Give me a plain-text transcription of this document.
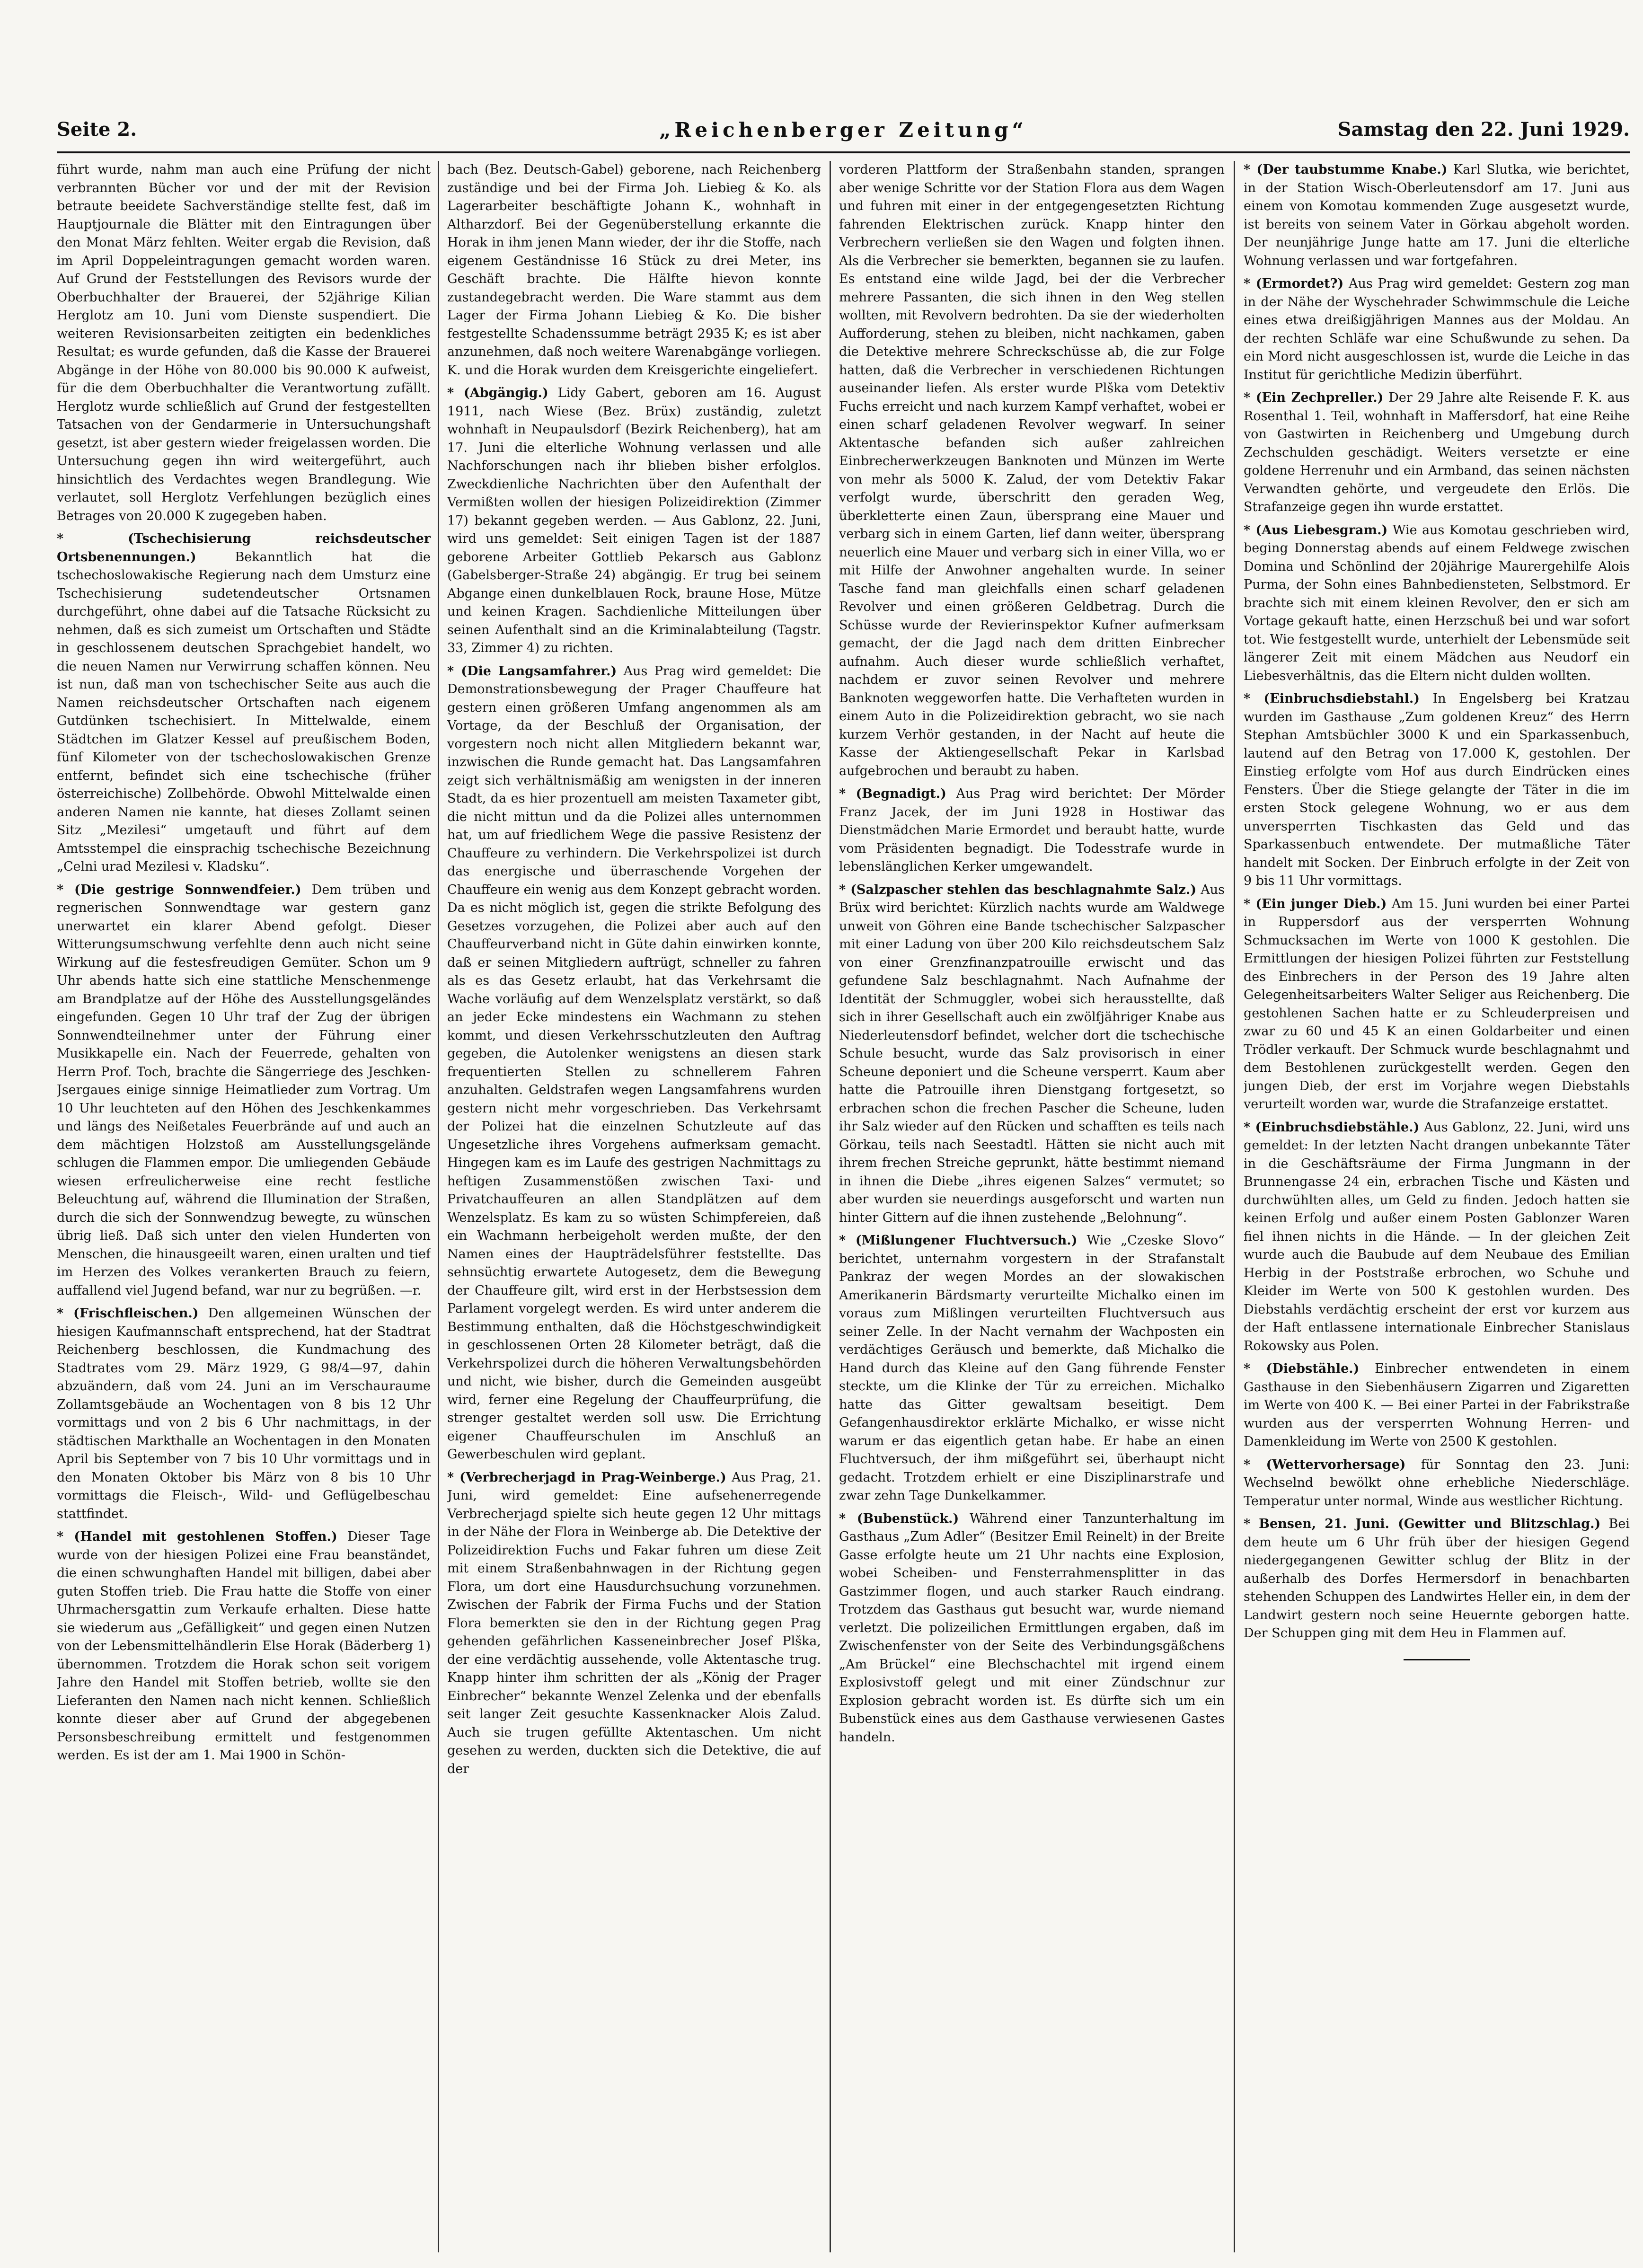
Seite 2.	„Reichenberger Zeitung“	Samstag den 22. Juni 1929.

führt wurde, nahm man auch eine Prüfung der nicht verbrannten Bücher vor und der mit der Revision betraute beeidete Sachverständige stellte fest, daß im Hauptjournale die Blätter mit den Eintragungen über den Monat März fehlten. Weiter ergab die Revision, daß im April Doppeleintragungen gemacht worden waren. Auf Grund der Feststellungen des Revisors wurde der Oberbuchhalter der Brauerei, der 52jährige Kilian Herglotz am 10. Juni vom Dienste suspendiert. Die weiteren Revisionsarbeiten zeitigten ein bedenkliches Resultat; es wurde gefunden, daß die Kasse der Brauerei Abgänge in der Höhe von 80.000 bis 90.000 K aufweist, für die dem Oberbuchhalter die Verantwortung zufällt. Herglotz wurde schließlich auf Grund der festgestellten Tatsachen von der Gendarmerie in Untersuchungshaft gesetzt, ist aber gestern wieder freigelassen worden. Die Untersuchung gegen ihn wird weitergeführt, auch hinsichtlich des Verdachtes wegen Brandlegung. Wie verlautet, soll Herglotz Verfehlungen bezüglich eines Betrages von 20.000 K zugegeben haben.

* (Tschechisierung reichsdeutscher Ortsbenennungen.)	Bekanntlich hat die tschechoslowakische Regierung nach dem Umsturz eine Tschechisierung sudetendeutscher Ortsnamen durchgeführt, ohne dabei auf die Tatsache Rücksicht zu nehmen, daß es sich zumeist um Ortschaften und Städte in geschlossenem deutschen Sprachgebiet handelt, wo die neuen Namen nur Verwirrung schaffen können. Neu ist nun, daß man von tschechischer Seite aus auch die Namen reichsdeutscher Ortschaften nach eigenem Gutdünken tschechisiert. In Mittelwalde, einem Städtchen im Glatzer Kessel auf preußischem Boden, fünf Kilometer von der tschechoslowakischen Grenze entfernt, befindet sich eine tschechische (früher österreichische) Zollbehörde. Obwohl Mittelwalde einen anderen Namen nie kannte, hat dieses Zollamt seinen Sitz „Mezilesi“ umgetauft und führt auf dem Amtsstempel die einsprachig tschechische Bezeichnung „Celni urad Mezilesi v. Kladsku“.

* (Die gestrige Sonnwendfeier.) Dem trüben und regnerischen Sonnwendtage war gestern ganz unerwartet ein klarer Abend gefolgt. Dieser Witterungsumschwung verfehlte denn auch nicht seine Wirkung auf die festesfreudigen Gemüter. Schon um 9 Uhr abends hatte sich eine stattliche Menschenmenge am Brandplatze auf der Höhe des Ausstellungsgeländes eingefunden. Gegen 10 Uhr traf der Zug der übrigen Sonnwendteilnehmer unter der Führung einer Musikkapelle ein. Nach der Feuerrede, gehalten von Herrn Prof. Toch, brachte die Sängerriege des Jeschken-Jsergaues einige sinnige Heimatlieder zum Vortrag. Um 10 Uhr leuchteten auf den Höhen des Jeschkenkammes und längs des Neißetales Feuerbrände auf und auch an dem mächtigen Holzstoß am Ausstellungsgelände schlugen die Flammen empor. Die umliegenden Gebäude wiesen erfreulicherweise eine recht festliche Beleuchtung auf, während die Illumination der Straßen, durch die sich der Sonnwendzug bewegte, zu wünschen übrig ließ. Daß sich unter den vielen Hunderten von Menschen, die hinausgeeilt waren, einen uralten und tief im Herzen des Volkes verankerten Brauch zu feiern, auffallend viel Jugend befand, war nur zu begrüßen. —r.

* (Frischfleischen.) Den allgemeinen Wünschen der hiesigen Kaufmannschaft entsprechend, hat der Stadtrat Reichenberg beschlossen, die Kundmachung des Stadtrates vom 29. März 1929, G 98/4—97, dahin abzuändern, daß vom 24. Juni an im Verschauraume Zollamtsgebäude an Wochentagen von 8 bis 12 Uhr vormittags und von 2 bis 6 Uhr nachmittags, in der städtischen Markthalle an Wochentagen in den Monaten April bis September von 7 bis 10 Uhr vormittags und in den Monaten Oktober bis März von 8 bis 10 Uhr vormittags die Fleisch-, Wild- und Geflügelbeschau stattfindet.

* (Handel mit gestohlenen Stoffen.) Dieser Tage wurde von der hiesigen Polizei eine Frau beanständet, die einen schwunghaften Handel mit billigen, dabei aber guten Stoffen trieb. Die Frau hatte die Stoffe von einer Uhrmachersgattin zum Verkaufe erhalten. Diese hatte sie wiederum aus „Gefälligkeit“ und gegen einen Nutzen von der Lebensmittelhändlerin Else Horak (Bäderberg 1) übernommen. Trotzdem die Horak schon seit vorigem Jahre den Handel mit Stoffen betrieb, wollte sie den Lieferanten den Namen nach nicht kennen. Schließlich konnte dieser aber auf Grund der abgegebenen Personsbeschreibung ermittelt und festgenommen werden. Es ist der am 1. Mai 1900 in Schön-

bach (Bez. Deutsch-Gabel) geborene, nach Reichenberg zuständige und bei der Firma Joh. Liebieg & Ko. als Lagerarbeiter beschäftigte Johann K., wohnhaft in Altharzdorf. Bei der Gegenüberstellung erkannte die Horak in ihm jenen Mann wieder, der ihr die Stoffe, nach eigenem Geständnisse 16 Stück zu drei Meter, ins Geschäft brachte. Die Hälfte hievon konnte zustandegebracht werden. Die Ware stammt aus dem Lager der Firma Johann Liebieg & Ko. Die bisher festgestellte Schadenssumme beträgt 2935 K; es ist aber anzunehmen, daß noch weitere Warenabgänge vorliegen. K. und die Horak wurden dem Kreisgerichte eingeliefert.

* (Abgängig.) Lidy Gabert, geboren am 16. August 1911, nach Wiese (Bez. Brüx) zuständig, zuletzt wohnhaft in Neupaulsdorf (Bezirk Reichenberg), hat am 17. Juni die elterliche Wohnung verlassen und alle Nachforschungen nach ihr blieben bisher erfolglos. Zweckdienliche Nachrichten über den Aufenthalt der Vermißten wollen der hiesigen Polizeidirektion (Zimmer 17) bekannt gegeben werden. — Aus Gablonz, 22. Juni, wird uns gemeldet: Seit einigen Tagen ist der 1887 geborene Arbeiter Gottlieb Pekarsch aus Gablonz (Gabelsberger-Straße 24) abgängig. Er trug bei seinem Abgange einen dunkelblauen Rock, braune Hose, Mütze und keinen Kragen. Sachdienliche Mitteilungen über seinen Aufenthalt sind an die Kriminalabteilung (Tagstr. 33, Zimmer 4) zu richten.

* (Die Langsamfahrer.) Aus Prag wird gemeldet: Die Demonstrationsbewegung der Prager Chauffeure hat gestern einen größeren Umfang angenommen als am Vortage, da der Beschluß der Organisation, der vorgestern noch nicht allen Mitgliedern bekannt war, inzwischen die Runde gemacht hat. Das Langsamfahren zeigt sich verhältnismäßig am wenigsten in der inneren Stadt, da es hier prozentuell am meisten Taxameter gibt, die nicht mittun und da die Polizei alles unternommen hat, um auf friedlichem Wege die passive Resistenz der Chauffeure zu verhindern. Die Verkehrspolizei ist durch das energische und überraschende Vorgehen der Chauffeure ein wenig aus dem Konzept gebracht worden. Da es nicht möglich ist, gegen die strikte Befolgung des Gesetzes vorzugehen, die Polizei aber auch auf den Chauffeurverband nicht in Güte dahin einwirken konnte, daß er seinen Mitgliedern auftrügt, schneller zu fahren als es das Gesetz erlaubt, hat das Verkehrsamt die Wache vorläufig auf dem Wenzelsplatz verstärkt, so daß an jeder Ecke mindestens ein Wachmann zu stehen kommt, und diesen Verkehrsschutzleuten den Auftrag gegeben, die Autolenker wenigstens an diesen stark frequentierten Stellen zu schnellerem Fahren anzuhalten. Geldstrafen wegen Langsamfahrens wurden gestern nicht mehr vorgeschrieben. Das Verkehrsamt der Polizei hat die einzelnen Schutzleute auf das Ungesetzliche ihres Vorgehens aufmerksam gemacht. Hingegen kam es im Laufe des gestrigen Nachmittags zu heftigen Zusammenstößen zwischen Taxi- und Privatchauffeuren an allen Standplätzen auf dem Wenzelsplatz. Es kam zu so wüsten Schimpfereien, daß ein Wachmann herbeigeholt werden mußte, der den Namen eines der Haupträdelsführer feststellte. Das sehnsüchtig erwartete Autogesetz, dem die Bewegung der Chauffeure gilt, wird erst in der Herbstsession dem Parlament vorgelegt werden. Es wird unter anderem die Bestimmung enthalten, daß die Höchstgeschwindigkeit in geschlossenen Orten 28 Kilometer beträgt, daß die Verkehrspolizei durch die höheren Verwaltungsbehörden und nicht, wie bisher, durch die Gemeinden ausgeübt wird, ferner eine Regelung der Chauffeurprüfung, die strenger gestaltet werden soll usw. Die Errichtung eigener Chauffeurschulen im Anschluß an Gewerbeschulen wird geplant.

* (Verbrecherjagd in Prag-Weinberge.) Aus Prag, 21. Juni, wird gemeldet: Eine aufsehenerregende Verbrecherjagd spielte sich heute gegen 12 Uhr mittags in der Nähe der Flora in Weinberge ab. Die Detektive der Polizeidirektion Fuchs und Fakar fuhren um diese Zeit mit einem Straßenbahnwagen in der Richtung gegen Flora, um dort eine Hausdurchsuchung vorzunehmen. Zwischen der Fabrik der Firma Fuchs und der Station Flora bemerkten sie den in der Richtung gegen Prag gehenden gefährlichen Kasseneinbrecher Josef Plška, der eine verdächtig aussehende, volle Aktentasche trug. Knapp hinter ihm schritten der als „König der Prager Einbrecher“ bekannte Wenzel Zelenka und der ebenfalls seit langer Zeit gesuchte Kassenknacker Alois Zalud. Auch sie trugen gefüllte Aktentaschen. Um nicht gesehen zu werden, duckten sich die Detektive, die auf der

vorderen Plattform der Straßenbahn standen, sprangen aber wenige Schritte vor der Station Flora aus dem Wagen und fuhren mit einer in der entgegengesetzten Richtung fahrenden Elektrischen zurück. Knapp hinter den Verbrechern verließen sie den Wagen und folgten ihnen. Als die Verbrecher sie bemerkten, begannen sie zu laufen. Es entstand eine wilde Jagd, bei der die Verbrecher mehrere Passanten, die sich ihnen in den Weg stellen wollten, mit Revolvern bedrohten. Da sie der wiederholten Aufforderung, stehen zu bleiben, nicht nachkamen, gaben die Detektive mehrere Schreckschüsse ab, die zur Folge hatten, daß die Verbrecher in verschiedenen Richtungen auseinander liefen. Als erster wurde Plška vom Detektiv Fuchs erreicht und nach kurzem Kampf verhaftet, wobei er einen scharf geladenen Revolver wegwarf. In seiner Aktentasche befanden sich außer zahlreichen Einbrecherwerkzeugen Banknoten und Münzen im Werte von mehr als 5000 K. Zalud, der vom Detektiv Fakar verfolgt wurde, überschritt den geraden Weg, überkletterte einen Zaun, übersprang eine Mauer und verbarg sich in einem Garten, lief dann weiter, übersprang neuerlich eine Mauer und verbarg sich in einer Villa, wo er mit Hilfe der Anwohner angehalten wurde. In seiner Tasche fand man gleichfalls einen scharf geladenen Revolver und einen größeren Geldbetrag. Durch die Schüsse wurde der Revierinspektor Kufner aufmerksam gemacht, der die Jagd nach dem dritten Einbrecher aufnahm. Auch dieser wurde schließlich verhaftet, nachdem er zuvor seinen Revolver und mehrere Banknoten weggeworfen hatte. Die Verhafteten wurden in einem Auto in die Polizeidirektion gebracht, wo sie nach kurzem Verhör gestanden, in der Nacht auf heute die Kasse der Aktiengesellschaft Pekar in Karlsbad aufgebrochen und beraubt zu haben.

* (Begnadigt.) Aus Prag wird berichtet: Der Mörder Franz Jacek, der im Juni 1928 in Hostiwar das Dienstmädchen Marie Ermordet und beraubt hatte, wurde vom Präsidenten begnadigt. Die Todesstrafe wurde in lebenslänglichen Kerker umgewandelt.

* (Salzpascher stehlen das beschlagnahmte Salz.) Aus Brüx wird berichtet: Kürzlich nachts wurde am Waldwege unweit von Göhren eine Bande tschechischer Salzpascher mit einer Ladung von über 200 Kilo reichsdeutschem Salz von einer Grenzfinanzpatrouille erwischt und das gefundene Salz beschlagnahmt. Nach Aufnahme der Identität der Schmuggler, wobei sich herausstellte, daß sich in ihrer Gesellschaft auch ein zwölfjähriger Knabe aus Niederleutensdorf befindet, welcher dort die tschechische Schule besucht, wurde das Salz provisorisch in einer Scheune deponiert und die Scheune versperrt. Kaum aber hatte die Patrouille ihren Dienstgang fortgesetzt, so erbrachen schon die frechen Pascher die Scheune, luden ihr Salz wieder auf den Rücken und schafften es teils nach Görkau, teils nach Seestadtl. Hätten sie nicht auch mit ihrem frechen Streiche geprunkt, hätte bestimmt niemand in ihnen die Diebe „ihres eigenen Salzes“ vermutet; so aber wurden sie neuerdings ausgeforscht und warten nun hinter Gittern auf die ihnen zustehende „Belohnung“.

* (Mißlungener Fluchtversuch.) Wie „Czeske Slovo“ berichtet, unternahm vorgestern in der Strafanstalt Pankraz der wegen Mordes an der slowakischen Amerikanerin Bärdsmarty verurteilte Michalko einen im voraus zum Mißlingen verurteilten Fluchtversuch aus seiner Zelle. In der Nacht vernahm der Wachposten ein verdächtiges Geräusch und bemerkte, daß Michalko die Hand durch das Kleine auf den Gang führende Fenster steckte, um die Klinke der Tür zu erreichen. Michalko hatte das Gitter gewaltsam beseitigt. Dem Gefangenhausdirektor erklärte Michalko, er wisse nicht warum er das eigentlich getan habe. Er habe an einen Fluchtversuch, der ihm mißgeführt sei, überhaupt nicht gedacht. Trotzdem erhielt er eine Disziplinarstrafe und zwar zehn Tage Dunkelkammer.

* (Bubenstück.) Während einer Tanzunterhaltung im Gasthaus „Zum Adler“ (Besitzer Emil Reinelt) in der Breite Gasse erfolgte heute um 21 Uhr nachts eine Explosion, wobei Scheiben- und Fensterrahmensplitter in das Gastzimmer flogen, und auch starker Rauch eindrang. Trotzdem das Gasthaus gut besucht war, wurde niemand verletzt. Die polizeilichen Ermittlungen ergaben, daß im Zwischenfenster von der Seite des Verbindungsgäßchens „Am Brückel“ eine Blechschachtel mit irgend einem Explosivstoff gelegt und mit einer Zündschnur zur Explosion gebracht worden ist. Es dürfte sich um ein Bubenstück eines aus dem Gasthause verwiesenen Gastes handeln.

* (Der taubstumme Knabe.) Karl Slutka, wie berichtet, in der Station Wisch-Oberleutensdorf am 17. Juni aus einem von Komotau kommenden Zuge ausgesetzt wurde, ist bereits von seinem Vater in Görkau abgeholt worden. Der neunjährige Junge hatte am 17. Juni die elterliche Wohnung verlassen und war fortgefahren.

* (Ermordet?) Aus Prag wird gemeldet: Gestern zog man in der Nähe der Wyschehrader Schwimmschule die Leiche eines etwa dreißigjährigen Mannes aus der Moldau. An der rechten Schläfe war eine Schußwunde zu sehen. Da ein Mord nicht ausgeschlossen ist, wurde die Leiche in das Institut für gerichtliche Medizin überführt.

* (Ein Zechpreller.) Der 29 Jahre alte Reisende F. K. aus Rosenthal 1. Teil, wohnhaft in Maffersdorf, hat eine Reihe von Gastwirten in Reichenberg und Umgebung durch Zechschulden geschädigt. Weiters versetzte er eine goldene Herrenuhr und ein Armband, das seinen nächsten Verwandten gehörte, und vergeudete den Erlös. Die Strafanzeige gegen ihn wurde erstattet.

* (Aus Liebesgram.) Wie aus Komotau geschrieben wird, beging Donnerstag abends auf einem Feldwege zwischen Domina und Schönlind der 20jährige Maurergehilfe Alois Purma, der Sohn eines Bahnbediensteten, Selbstmord. Er brachte sich mit einem kleinen Revolver, den er sich am Vortage gekauft hatte, einen Herzschuß bei und war sofort tot. Wie festgestellt wurde, unterhielt der Lebensmüde seit längerer Zeit mit einem Mädchen aus Neudorf ein Liebesverhältnis, das die Eltern nicht dulden wollten.

* (Einbruchsdiebstahl.) In Engelsberg bei Kratzau wurden im Gasthause „Zum goldenen Kreuz“ des Herrn Stephan Amtsbüchler 3000 K und ein Sparkassenbuch, lautend auf den Betrag von 17.000 K, gestohlen. Der Einstieg erfolgte vom Hof aus durch Eindrücken eines Fensters. Über die Stiege gelangte der Täter in die im ersten Stock gelegene Wohnung, wo er aus dem unversperrten Tischkasten das Geld und das Sparkassenbuch entwendete. Der mutmaßliche Täter handelt mit Socken. Der Einbruch erfolgte in der Zeit von 9 bis 11 Uhr vormittags.

* (Ein junger Dieb.) Am 15. Juni wurden bei einer Partei in Ruppersdorf aus der versperrten Wohnung Schmucksachen im Werte von 1000 K gestohlen. Die Ermittlungen der hiesigen Polizei führten zur Feststellung des Einbrechers in der Person des 19 Jahre alten Gelegenheitsarbeiters Walter Seliger aus Reichenberg. Die gestohlenen Sachen hatte er zu Schleuderpreisen und zwar zu 60 und 45 K an einen Goldarbeiter und einen Trödler verkauft. Der Schmuck wurde beschlagnahmt und dem Bestohlenen zurückgestellt werden. Gegen den jungen Dieb, der erst im Vorjahre wegen Diebstahls verurteilt worden war, wurde die Strafanzeige erstattet.

* (Einbruchsdiebstähle.) Aus Gablonz, 22. Juni, wird uns gemeldet: In der letzten Nacht drangen unbekannte Täter in die Geschäftsräume der Firma Jungmann in der Brunnengasse 24 ein, erbrachen Tische und Kästen und durchwühlten alles, um Geld zu finden. Jedoch hatten sie keinen Erfolg und außer einem Posten Gablonzer Waren fiel ihnen nichts in die Hände. — In der gleichen Zeit wurde auch die Baubude auf dem Neubaue des Emilian Herbig in der Poststraße erbrochen, wo Schuhe und Kleider im Werte von 500 K gestohlen wurden. Des Diebstahls verdächtig erscheint der erst vor kurzem aus der Haft entlassene internationale Einbrecher Stanislaus Rokowsky aus Polen.

* (Diebstähle.) Einbrecher entwendeten in einem Gasthause in den Siebenhäusern Zigarren und Zigaretten im Werte von 400 K. — Bei einer Partei in der Fabrikstraße wurden aus der versperrten Wohnung Herren- und Damenkleidung im Werte von 2500 K gestohlen.

* (Wettervorhersage) für Sonntag den 23. Juni: Wechselnd bewölkt ohne erhebliche Niederschläge. Temperatur unter normal, Winde aus westlicher Richtung.

* Bensen, 21. Juni. (Gewitter und Blitzschlag.) Bei dem heute um 6 Uhr früh über der hiesigen Gegend niedergegangenen Gewitter schlug der Blitz in der außerhalb des Dorfes Hermersdorf in benachbarten stehenden Schuppen des Landwirtes Heller ein, in dem der Landwirt gestern noch seine Heuernte geborgen hatte. Der Schuppen ging mit dem Heu in Flammen auf.
